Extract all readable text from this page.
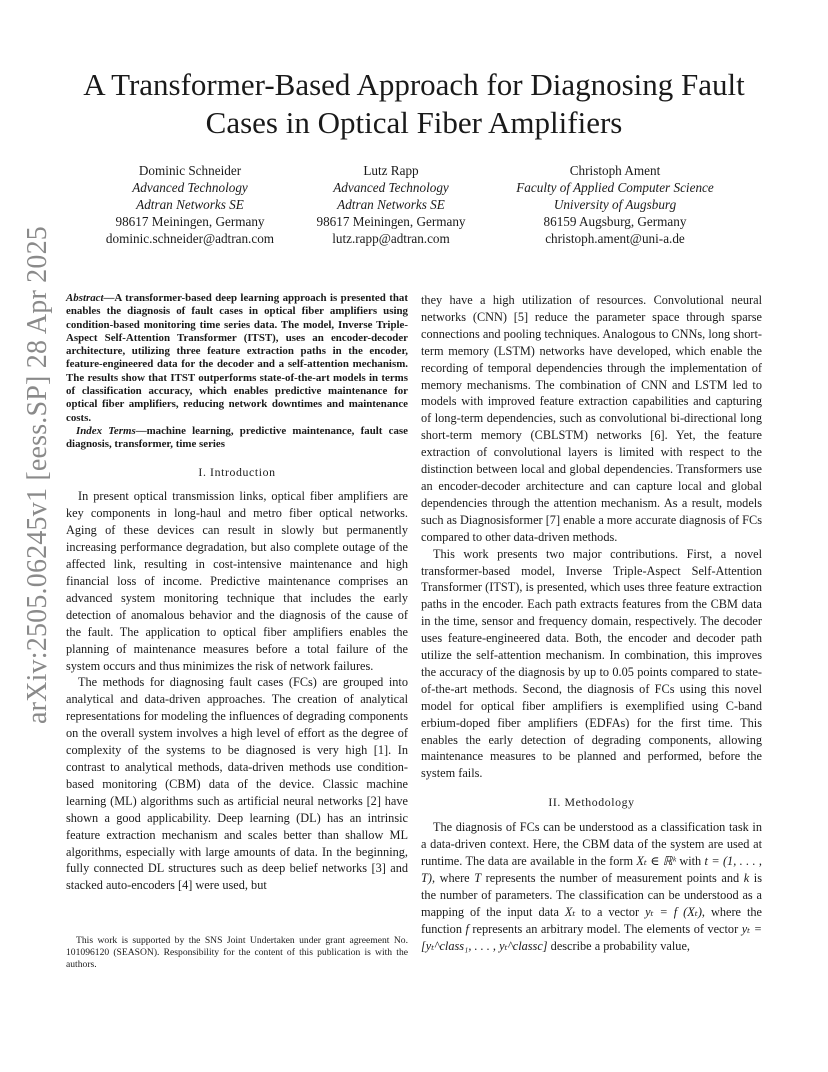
arXiv:2505.06245v1 [eess.SP] 28 Apr 2025
A Transformer-Based Approach for Diagnosing Fault Cases in Optical Fiber Amplifiers
Dominic Schneider
Advanced Technology
Adtran Networks SE
98617 Meiningen, Germany
dominic.schneider@adtran.com
Lutz Rapp
Advanced Technology
Adtran Networks SE
98617 Meiningen, Germany
lutz.rapp@adtran.com
Christoph Ament
Faculty of Applied Computer Science
University of Augsburg
86159 Augsburg, Germany
christoph.ament@uni-a.de

Abstract—A transformer-based deep learning approach is presented that enables the diagnosis of fault cases in optical fiber amplifiers using condition-based monitoring time series data. The model, Inverse Triple-Aspect Self-Attention Transformer (ITST), uses an encoder-decoder architecture, utilizing three feature extraction paths in the encoder, feature-engineered data for the decoder and a self-attention mechanism. The results show that ITST outperforms state-of-the-art models in terms of classification accuracy, which enables predictive maintenance for optical fiber amplifiers, reducing network downtimes and maintenance costs.

Index Terms—machine learning, predictive maintenance, fault case diagnosis, transformer, time series

I. Introduction

In present optical transmission links, optical fiber amplifiers are key components in long-haul and metro fiber optical networks. Aging of these devices can result in slowly but permanently increasing performance degradation, but also complete outage of the affected link, resulting in cost-intensive maintenance and high financial loss of income. Predictive maintenance comprises an advanced system monitoring technique that includes the early detection of anomalous behavior and the diagnosis of the cause of the fault. The application to optical fiber amplifiers enables the planning of maintenance measures before a total failure of the system occurs and thus minimizes the risk of network failures.

The methods for diagnosing fault cases (FCs) are grouped into analytical and data-driven approaches. The creation of analytical representations for modeling the influences of degrading components on the overall system involves a high level of effort as the degree of complexity of the systems to be diagnosed is very high [1]. In contrast to analytical methods, data-driven methods use condition-based monitoring (CBM) data of the device. Classic machine learning (ML) algorithms such as artificial neural networks [2] have shown a good applicability. Deep learning (DL) has an intrinsic feature extraction mechanism and scales better than shallow ML algorithms, especially with large amounts of data. In the beginning, fully connected DL structures such as deep belief networks [3] and stacked auto-encoders [4] were used, but

This work is supported by the SNS Joint Undertaken under grant agreement No. 101096120 (SEASON). Responsibility for the content of this publication is with the authors.

they have a high utilization of resources. Convolutional neural networks (CNN) [5] reduce the parameter space through sparse connections and pooling techniques. Analogous to CNNs, long short-term memory (LSTM) networks have developed, which enable the recording of temporal dependencies through the implementation of memory mechanisms. The combination of CNN and LSTM led to models with improved feature extraction capabilities and capturing of long-term dependencies, such as convolutional bi-directional long short-term memory (CBLSTM) networks [6]. Yet, the feature extraction of convolutional layers is limited with respect to the distinction between local and global dependencies. Transformers use an encoder-decoder architecture and can capture local and global dependencies through the attention mechanism. As a result, models such as Diagnosisformer [7] enable a more accurate diagnosis of FCs compared to other data-driven methods.

This work presents two major contributions. First, a novel transformer-based model, Inverse Triple-Aspect Self-Attention Transformer (ITST), is presented, which uses three feature extraction paths in the encoder. Each path extracts features from the CBM data in the time, sensor and frequency domain, respectively. The decoder uses feature-engineered data. Both, the encoder and decoder path utilize the self-attention mechanism. In combination, this improves the accuracy of the diagnosis by up to 0.05 points compared to state-of-the-art methods. Second, the diagnosis of FCs using this novel model for optical fiber amplifiers is exemplified using C-band erbium-doped fiber amplifiers (EDFAs) for the first time. This enables the early detection of degrading components, allowing maintenance measures to be planned and performed, before the system fails.

II. Methodology

The diagnosis of FCs can be understood as a classification task in a data-driven context. Here, the CBM data of the system are used at runtime. The data are available in the form Xₜ ∈ ℝᵏ with t = (1, . . . , T), where T represents the number of measurement points and k is the number of parameters. The classification can be understood as a mapping of the input data Xₜ to a vector yₜ = f (Xₜ), where the function f represents an arbitrary model. The elements of vector yₜ = [yₜ^class₁, . . . , yₜ^classc] describe a probability value,
